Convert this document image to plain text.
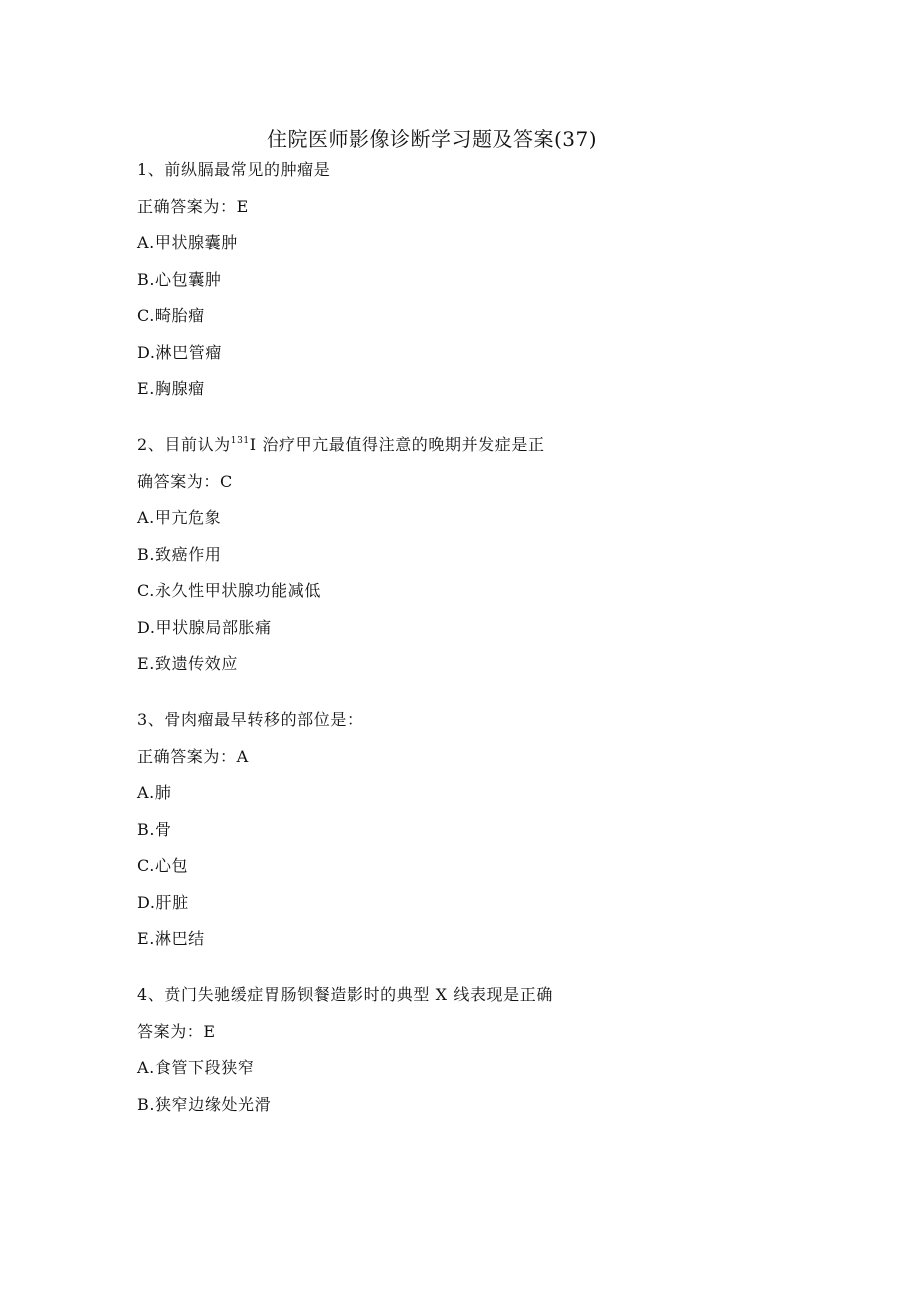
住院医师影像诊断学习题及答案(37)
1、前纵膈最常见的肿瘤是
正确答案为：E
A.甲状腺囊肿
B.心包囊肿
C.畸胎瘤
D.淋巴管瘤
E.胸腺瘤
2、目前认为$^{131}$I 治疗甲亢最值得注意的晚期并发症是正
确答案为：C
A.甲亢危象
B.致癌作用
C.永久性甲状腺功能减低
D.甲状腺局部胀痛
E.致遗传效应
3、骨肉瘤最早转移的部位是：
正确答案为：A
A.肺
B.骨
C.心包
D.肝脏
E.淋巴结
4、贲门失驰缓症胃肠钡餐造影时的典型 X 线表现是正确
答案为：E
A.食管下段狭窄
B.狭窄边缘处光滑
